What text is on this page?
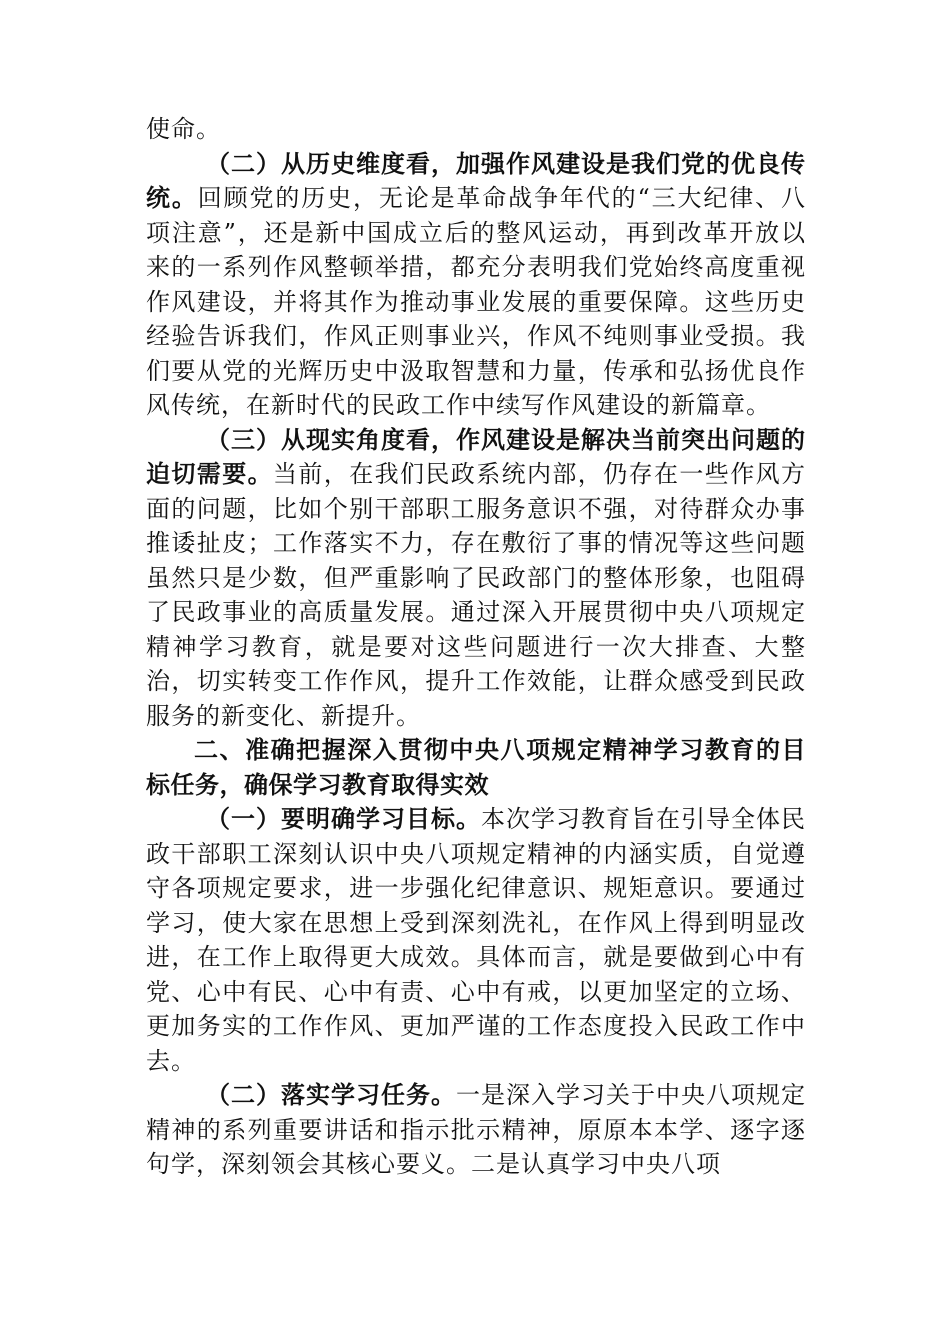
使命。

（二）从历史维度看，加强作风建设是我们党的优良传统。回顾党的历史，无论是革命战争年代的“三大纪律、八项注意”，还是新中国成立后的整风运动，再到改革开放以来的一系列作风整顿举措，都充分表明我们党始终高度重视作风建设，并将其作为推动事业发展的重要保障。这些历史经验告诉我们，作风正则事业兴，作风不纯则事业受损。我们要从党的光辉历史中汲取智慧和力量，传承和弘扬优良作风传统，在新时代的民政工作中续写作风建设的新篇章。

（三）从现实角度看，作风建设是解决当前突出问题的迫切需要。当前，在我们民政系统内部，仍存在一些作风方面的问题，比如个别干部职工服务意识不强，对待群众办事推诿扯皮；工作落实不力，存在敷衍了事的情况等这些问题虽然只是少数，但严重影响了民政部门的整体形象，也阻碍了民政事业的高质量发展。通过深入开展贯彻中央八项规定精神学习教育，就是要对这些问题进行一次大排查、大整治，切实转变工作作风，提升工作效能，让群众感受到民政服务的新变化、新提升。

二、准确把握深入贯彻中央八项规定精神学习教育的目标任务，确保学习教育取得实效

（一）要明确学习目标。本次学习教育旨在引导全体民政干部职工深刻认识中央八项规定精神的内涵实质，自觉遵守各项规定要求，进一步强化纪律意识、规矩意识。要通过学习，使大家在思想上受到深刻洗礼，在作风上得到明显改进，在工作上取得更大成效。具体而言，就是要做到心中有党、心中有民、心中有责、心中有戒，以更加坚定的立场、更加务实的工作作风、更加严谨的工作态度投入民政工作中去。

（二）落实学习任务。一是深入学习关于中央八项规定精神的系列重要讲话和指示批示精神，原原本本学、逐字逐句学，深刻领会其核心要义。二是认真学习中央八项
